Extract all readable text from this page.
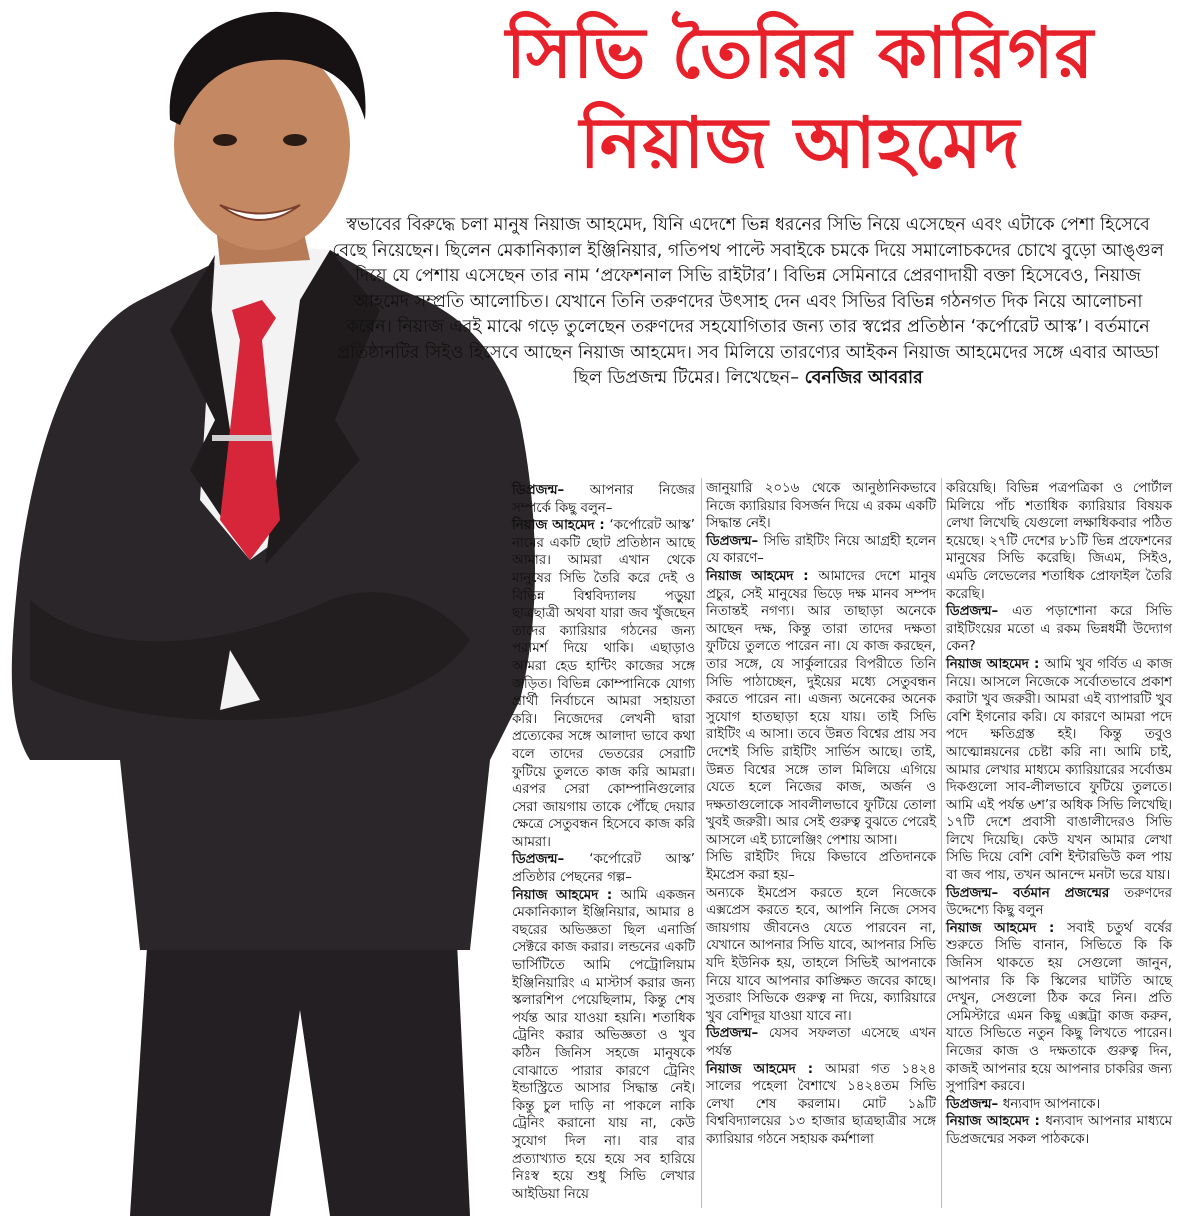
সিভি তৈরির কারিগর
নিয়াজ আহমেদ
স্বভাবের বিরুদ্ধে চলা মানুষ নিয়াজ আহমেদ, যিনি এদেশে ভিন্ন ধরনের সিভি নিয়ে এসেছেন এবং এটাকে পেশা হিসেবে বেছে নিয়েছেন। ছিলেন মেকানিক্যাল ইঞ্জিনিয়ার, গতিপথ পাল্টে সবাইকে চমকে দিয়ে সমালোচকদের চোখে বুড়ো আঙ্গুল দিয়ে যে পেশায় এসেছেন তার নাম ‘প্রফেশনাল সিভি রাইটার’। বিভিন্ন সেমিনারে প্রেরণাদায়ী বক্তা হিসেবেও, নিয়াজ আহমেদ সম্প্রতি আলোচিত। যেখানে তিনি তরুণদের উৎসাহ দেন এবং সিভির বিভিন্ন গঠনগত দিক নিয়ে আলোচনা করেন। নিয়াজ এরই মাঝে গড়ে তুলেছেন তরুণদের সহযোগিতার জন্য তার স্বপ্নের প্রতিষ্ঠান ‘কর্পোরেট আস্ক’। বর্তমানে প্রতিষ্ঠানটির সিইও হিসেবে আছেন নিয়াজ আহমেদ। সব মিলিয়ে তারণ্যের আইকন নিয়াজ আহমেদের সঙ্গে এবার আড্ডা ছিল ডিপ্রজন্ম টিমের। লিখেছেন– বেনজির আবরার

ডিপ্রজন্ম– আপনার নিজের সম্পর্কে কিছু বলুন–

নিয়াজ আহমেদ : ‘কর্পোরেট আস্ক’ নামের একটি ছোট প্রতিষ্ঠান আছে আমার। আমরা এখান থেকে মানুষের সিভি তৈরি করে দেই ও বিভিন্ন বিশ্ববিদ্যালয় পড়ুয়া ছাত্রছাত্রী অথবা যারা জব খুঁজছেন তাদের ক্যারিয়ার গঠনের জন্য পরামর্শ দিয়ে থাকি। এছাড়াও আমরা হেড হান্টিং কাজের সঙ্গে জড়িত। বিভিন্ন কোম্পানিকে যোগ্য প্রার্থী নির্বাচনে আমরা সহায়তা করি। নিজেদের লেখনী দ্বারা প্রত্যেকের সঙ্গে আলাদা ভাবে কথা বলে তাদের ভেতরের সেরাটি ফুটিয়ে তুলতে কাজ করি আমরা। এরপর সেরা কোম্পানিগুলোর সেরা জায়গায় তাকে পৌঁছে দেয়ার ক্ষেত্রে সেতুবন্ধন হিসেবে কাজ করি আমরা।

ডিপ্রজন্ম– ‘কর্পোরেট আস্ক’ প্রতিষ্ঠার পেছনের গল্প–

নিয়াজ আহমেদ : আমি একজন মেকানিক্যাল ইঞ্জিনিয়ার, আমার ৪ বছরের অভিজ্ঞতা ছিল এনার্জি সেক্টরে কাজ করার। লন্ডনের একটি ভার্সিটিতে আমি পেট্রোলিয়াম ইঞ্জিনিয়ারিং এ মাস্টার্স করার জন্য স্কলারশিপ পেয়েছিলাম, কিন্তু শেষ পর্যন্ত আর যাওয়া হয়নি। শতাধিক ট্রেনিং করার অভিজ্ঞতা ও খুব কঠিন জিনিস সহজে মানুষকে বোঝাতে পারার কারণে ট্রেনিং ইন্ডাস্ট্রিতে আসার সিদ্ধান্ত নেই। কিন্তু চুল দাড়ি না পাকলে নাকি ট্রেনিং করানো যায় না, কেউ সুযোগ দিল না। বার বার প্রত্যাখ্যাত হয়ে হয়ে সব হারিয়ে নিঃস্ব হয়ে শুধু সিভি লেখার আইডিয়া নিয়ে

জানুয়ারি ২০১৬ থেকে আনুষ্ঠানিকভাবে নিজে ক্যারিয়ার বিসর্জন দিয়ে এ রকম একটি সিদ্ধান্ত নেই।

ডিপ্রজন্ম– সিভি রাইটিং নিয়ে আগ্রহী হলেন যে কারণে–

নিয়াজ আহমেদ : আমাদের দেশে মানুষ প্রচুর, সেই মানুষের ভিড়ে দক্ষ মানব সম্পদ নিতান্তই নগণ্য। আর তাছাড়া অনেকে আছেন দক্ষ, কিন্তু তারা তাদের দক্ষতা ফুটিয়ে তুলতে পারেন না। যে কাজ করছেন, তার সঙ্গে, যে সার্কুলারের বিপরীতে তিনি সিভি পাঠাচ্ছেন, দুইয়ের মধ্যে সেতুবন্ধন করতে পারেন না। এজন্য অনেকের অনেক সুযোগ হাতছাড়া হয়ে যায়। তাই সিভি রাইটিং এ আসা। তবে উন্নত বিশ্বের প্রায় সব দেশেই সিভি রাইটিং সার্ভিস আছে। তাই, উন্নত বিশ্বের সঙ্গে তাল মিলিয়ে এগিয়ে যেতে হলে নিজের কাজ, অর্জন ও দক্ষতাগুলোকে সাবলীলভাবে ফুটিয়ে তোলা খুবই জরুরী। আর সেই গুরুত্ব বুঝতে পেরেই আসলে এই চ্যালেঞ্জিং পেশায় আসা।

সিভি রাইটিং দিয়ে কিভাবে প্রতিদানকে ইমপ্রেস করা হয়–

অন্যকে ইমপ্রেস করতে হলে নিজেকে এক্সপ্রেস করতে হবে, আপনি নিজে সেসব জায়গায় জীবনেও যেতে পারবেন না, যেখানে আপনার সিভি যাবে, আপনার সিভি যদি ইউনিক হয়, তাহলে সিভিই আপনাকে নিয়ে যাবে আপনার কাঙ্ক্ষিত জবের কাছে। সুতরাং সিভিকে গুরুত্ব না দিয়ে, ক্যারিয়ারে খুব বেশিদূর যাওয়া যাবে না।

ডিপ্রজন্ম– যেসব সফলতা এসেছে এখন পর্যন্ত

নিয়াজ আহমেদ : আমরা গত ১৪২৪ সালের পহেলা বৈশাখে ১৪২৪তম সিভি লেখা শেষ করলাম। মোট ১৯টি বিশ্ববিদ্যালয়ের ১৩ হাজার ছাত্রছাত্রীর সঙ্গে ক্যারিয়ার গঠনে সহায়ক কর্মশালা

করিয়েছি। বিভিন্ন পত্রপত্রিকা ও পোর্টাল মিলিয়ে পাঁচ শতাধিক ক্যারিয়ার বিষয়ক লেখা লিখেছি যেগুলো লক্ষাধিকবার পঠিত হয়েছে। ২৭টি দেশের ৮১টি ভিন্ন প্রফেশনের মানুষের সিভি করেছি। জিএম, সিইও, এমডি লেভেলের শতাধিক প্রোফাইল তৈরি করেছি।

ডিপ্রজন্ম– এত পড়াশোনা করে সিভি রাইটিংয়ের মতো এ রকম ভিন্নধর্মী উদ্যোগ কেন?

নিয়াজ আহমেদ : আমি খুব গর্বিত এ কাজ নিয়ে। আসলে নিজেকে সর্বোতভাবে প্রকাশ করাটা খুব জরুরী। আমরা এই ব্যাপারটি খুব বেশি ইগনোর করি। যে কারণে আমরা পদে পদে ক্ষতিগ্রস্ত হই। কিন্তু তবুও আত্মোন্নয়নের চেষ্টা করি না। আমি চাই, আমার লেখার মাধ্যমে ক্যারিয়ারের সর্বোত্তম দিকগুলো সাব-লীলভাবে ফুটিয়ে তুলতে। আমি এই পর্যন্ত ৬শ’র অধিক সিভি লিখেছি। ১৭টি দেশে প্রবাসী বাঙালীদেরও সিভি লিখে দিয়েছি। কেউ যখন আমার লেখা সিভি দিয়ে বেশি বেশি ইন্টারভিউ কল পায় বা জব পায়, তখন আনন্দে মনটা ভরে যায়।

ডিপ্রজন্ম– বর্তমান প্রজন্মের তরুণদের উদ্দেশ্যে কিছু বলুন

নিয়াজ আহমেদ : সবাই চতুর্থ বর্ষের শুরুতে সিভি বানান, সিভিতে কি কি জিনিস থাকতে হয় সেগুলো জানুন, আপনার কি কি স্কিলের ঘাটতি আছে দেখুন, সেগুলো ঠিক করে নিন। প্রতি সেমিস্টারে এমন কিছু এক্সট্রা কাজ করুন, যাতে সিভিতে নতুন কিছু লিখতে পারেন। নিজের কাজ ও দক্ষতাকে গুরুত্ব দিন, কাজই আপনার হয়ে আপনার চাকরির জন্য সুপারিশ করবে।

ডিপ্রজন্ম– ধন্যবাদ আপনাকে।

নিয়াজ আহমেদ : ধন্যবাদ আপনার মাধ্যমে ডিপ্রজন্মের সকল পাঠককে।
